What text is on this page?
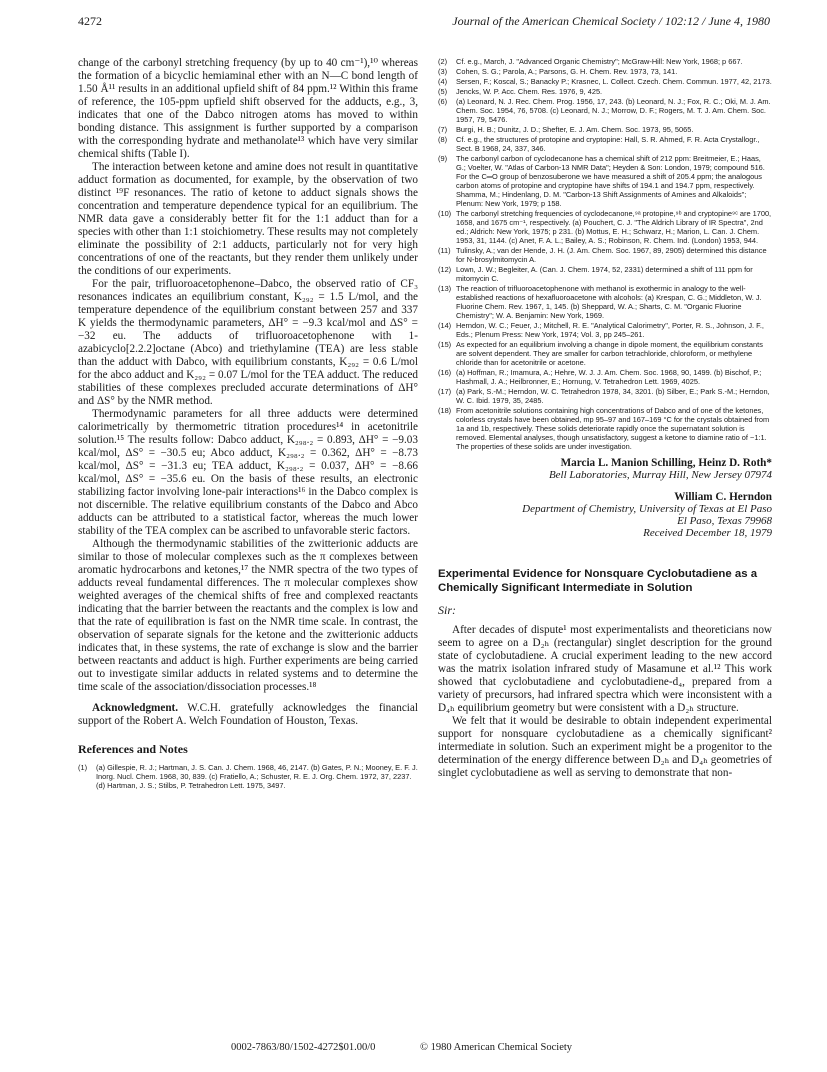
4272	Journal of the American Chemical Society / 102:12 / June 4, 1980

change of the carbonyl stretching frequency (by up to 40 cm⁻¹),¹⁰ whereas the formation of a bicyclic hemiaminal ether with an N—C bond length of 1.50 Å¹¹ results in an additional upfield shift of 84 ppm.¹² Within this frame of reference, the 105-ppm upfield shift observed for the adducts, e.g., 3, indicates that one of the Dabco nitrogen atoms has moved to within bonding distance. This assignment is further supported by a comparison with the corresponding hydrate and methanolate¹³ which have very similar chemical shifts (Table I).

The interaction between ketone and amine does not result in quantitative adduct formation as documented, for example, by the observation of two distinct ¹⁹F resonances. The ratio of ketone to adduct signals shows the concentration and temperature dependence typical for an equilibrium. The NMR data gave a considerably better fit for the 1:1 adduct than for a species with other than 1:1 stoichiometry. These results may not completely eliminate the possibility of 2:1 adducts, particularly not for very high concentrations of one of the reactants, but they render them unlikely under the conditions of our experiments.

For the pair, trifluoroacetophenone–Dabco, the observed ratio of CF₃ resonances indicates an equilibrium constant, K₂₉₂ = 1.5 L/mol, and the temperature dependence of the equilibrium constant between 257 and 337 K yields the thermodynamic parameters, ΔH° = −9.3 kcal/mol and ΔS° = −32 eu. The adducts of trifluoroacetophenone with 1-azabicyclo[2.2.2]octane (Abco) and triethylamine (TEA) are less stable than the adduct with Dabco, with equilibrium constants, K₂₉₂ = 0.6 L/mol for the abco adduct and K₂₉₂ = 0.07 L/mol for the TEA adduct. The reduced stabilities of these complexes precluded accurate determinations of ΔH° and ΔS° by the NMR method.

Thermodynamic parameters for all three adducts were determined calorimetrically by thermometric titration procedures¹⁴ in acetonitrile solution.¹⁵ The results follow: Dabco adduct, K₂₉₈.₂ = 0.893, ΔH° = −9.03 kcal/mol, ΔS° = −30.5 eu; Abco adduct, K₂₉₈.₂ = 0.362, ΔH° = −8.73 kcal/mol, ΔS° = −31.3 eu; TEA adduct, K₂₉₈.₂ = 0.037, ΔH° = −8.66 kcal/mol, ΔS° = −35.6 eu. On the basis of these results, an electronic stabilizing factor involving lone-pair interactions¹⁶ in the Dabco complex is not discernible. The relative equilibrium constants of the Dabco and Abco adducts can be attributed to a statistical factor, whereas the much lower stability of the TEA complex can be ascribed to unfavorable steric factors.

Although the thermodynamic stabilities of the zwitterionic adducts are similar to those of molecular complexes such as the π complexes between aromatic hydrocarbons and ketones,¹⁷ the NMR spectra of the two types of adducts reveal fundamental differences. The π molecular complexes show weighted averages of the chemical shifts of free and complexed reactants indicating that the barrier between the reactants and the complex is low and that the rate of equilibration is fast on the NMR time scale. In contrast, the observation of separate signals for the ketone and the zwitterionic adducts indicates that, in these systems, the rate of exchange is slow and the barrier between reactants and adduct is high. Further experiments are being carried out to investigate similar adducts in related systems and to determine the time scale of the association/dissociation processes.¹⁸

Acknowledgment. W.C.H. gratefully acknowledges the financial support of the Robert A. Welch Foundation of Houston, Texas.

References and Notes
(1)	(a) Gillespie, R. J.; Hartman, J. S. Can. J. Chem. 1968, 46, 2147. (b) Gates, P. N.; Mooney, E. F. J. Inorg. Nucl. Chem. 1968, 30, 839. (c) Fratiello, A.; Schuster, R. E. J. Org. Chem. 1972, 37, 2237. (d) Hartman, J. S.; Stilbs, P. Tetrahedron Lett. 1975, 3497.
(2)	Cf. e.g., March, J. "Advanced Organic Chemistry"; McGraw-Hill: New York, 1968; p 667.
(3)	Cohen, S. G.; Parola, A.; Parsons, G. H. Chem. Rev. 1973, 73, 141.
(4)	Sersen, F.; Koscal, S.; Banacky P.; Krasnec, L. Collect. Czech. Chem. Commun. 1977, 42, 2173.
(5)	Jencks, W. P. Acc. Chem. Res. 1976, 9, 425.
(6)	(a) Leonard, N. J. Rec. Chem. Prog. 1956, 17, 243. (b) Leonard, N. J.; Fox, R. C.; Oki, M. J. Am. Chem. Soc. 1954, 76, 5708. (c) Leonard, N. J.; Morrow, D. F.; Rogers, M. T. J. Am. Chem. Soc. 1957, 79, 5476.
(7)	Burgi, H. B.; Dunitz, J. D.; Shefter, E. J. Am. Chem. Soc. 1973, 95, 5065.
(8)	Cf. e.g., the structures of protopine and cryptopine: Hall, S. R. Ahmed, F. R. Acta Crystallogr., Sect. B 1968, 24, 337, 346.
(9)	The carbonyl carbon of cyclodecanone has a chemical shift of 212 ppm: Breitmeier, E.; Haas, G.; Voelter, W. "Atlas of Carbon-13 NMR Data"; Heyden & Son: London, 1979; compound 516. For the C═O group of benzosuberone we have measured a shift of 205.4 ppm; the analogous carbon atoms of protopine and cryptopine have shifts of 194.1 and 194.7 ppm, respectively. Shamma, M.; Hindenlang, D. M. "Carbon-13 Shift Assignments of Amines and Alkaloids"; Plenum: New York, 1979; p 158.
(10) The carbonyl stretching frequencies of cyclodecanone,⁹ᵃ protopine,⁹ᵇ and cryptopine⁹ᶜ are 1700, 1658, and 1675 cm⁻¹, respectively. (a) Pouchert, C. J. "The Aldrich Library of IR Spectra", 2nd ed.; Aldrich: New York, 1975; p 231. (b) Mottus, E. H.; Schwarz, H.; Marion, L. Can. J. Chem. 1953, 31, 1144. (c) Anet, F. A. L.; Bailey, A. S.; Robinson, R. Chem. Ind. (London) 1953, 944.
(11) Tulinsky, A.; van der Hende, J. H. (J. Am. Chem. Soc. 1967, 89, 2905) determined this distance for N-brosylmitomycin A.
(12) Lown, J. W.; Begleiter, A. (Can. J. Chem. 1974, 52, 2331) determined a shift of 111 ppm for mitomycin C.
(13) The reaction of trifluoroacetophenone with methanol is exothermic in analogy to the well-established reactions of hexafluoroacetone with alcohols: (a) Krespan, C. G.; Middleton, W. J. Fluorine Chem. Rev. 1967, 1, 145. (b) Sheppard, W. A.; Sharts, C. M. "Organic Fluorine Chemistry"; W. A. Benjamin: New York, 1969.
(14) Herndon, W. C.; Feuer, J.; Mitchell, R. E. "Analytical Calorimetry", Porter, R. S., Johnson, J. F., Eds.; Plenum Press: New York, 1974; Vol. 3, pp 245–261.
(15) As expected for an equilibrium involving a change in dipole moment, the equilibrium constants are solvent dependent. They are smaller for carbon tetrachloride, chloroform, or methylene chloride than for acetonitrile or acetone.
(16) (a) Hoffman, R.; Imamura, A.; Hehre, W. J. J. Am. Chem. Soc. 1968, 90, 1499. (b) Bischof, P.; Hashmall, J. A.; Heilbronner, E.; Hornung, V. Tetrahedron Lett. 1969, 4025.
(17) (a) Park, S.-M.; Herndon, W. C. Tetrahedron 1978, 34, 3201. (b) Silber, E.; Park S.-M.; Herndon, W. C. Ibid. 1979, 35, 2485.
(18) From acetonitrile solutions containing high concentrations of Dabco and of one of the ketones, colorless crystals have been obtained, mp 95–97 and 167–169 °C for the crystals obtained from 1a and 1b, respectively. These solids deteriorate rapidly once the supernatant solution is removed. Elemental analyses, though unsatisfactory, suggest a ketone to diamine ratio of ~1:1. The properties of these solids are under investigation.
Marcia L. Manion Schilling, Heinz D. Roth*
Bell Laboratories, Murray Hill, New Jersey 07974
William C. Herndon
Department of Chemistry, University of Texas at El Paso
El Paso, Texas 79968
Received December 18, 1979
Experimental Evidence for Nonsquare Cyclobutadiene as a Chemically Significant Intermediate in Solution
Sir:

After decades of dispute¹ most experimentalists and theoreticians now seem to agree on a D₂ₕ (rectangular) singlet description for the ground state of cyclobutadiene. A crucial experiment leading to the new accord was the matrix isolation infrared study of Masamune et al.¹² This work showed that cyclobutadiene and cyclobutadiene-d₄, prepared from a variety of precursors, had infrared spectra which were inconsistent with a D₄ₕ equilibrium geometry but were consistent with a D₂ₕ structure.

We felt that it would be desirable to obtain independent experimental support for nonsquare cyclobutadiene as a chemically significant² intermediate in solution. Such an experiment might be a progenitor to the determination of the energy difference between D₂ₕ and D₄ₕ geometries of singlet cyclobutadiene as well as serving to demonstrate that non-

0002-7863/80/1502-4272$01.00/0	© 1980 American Chemical Society
